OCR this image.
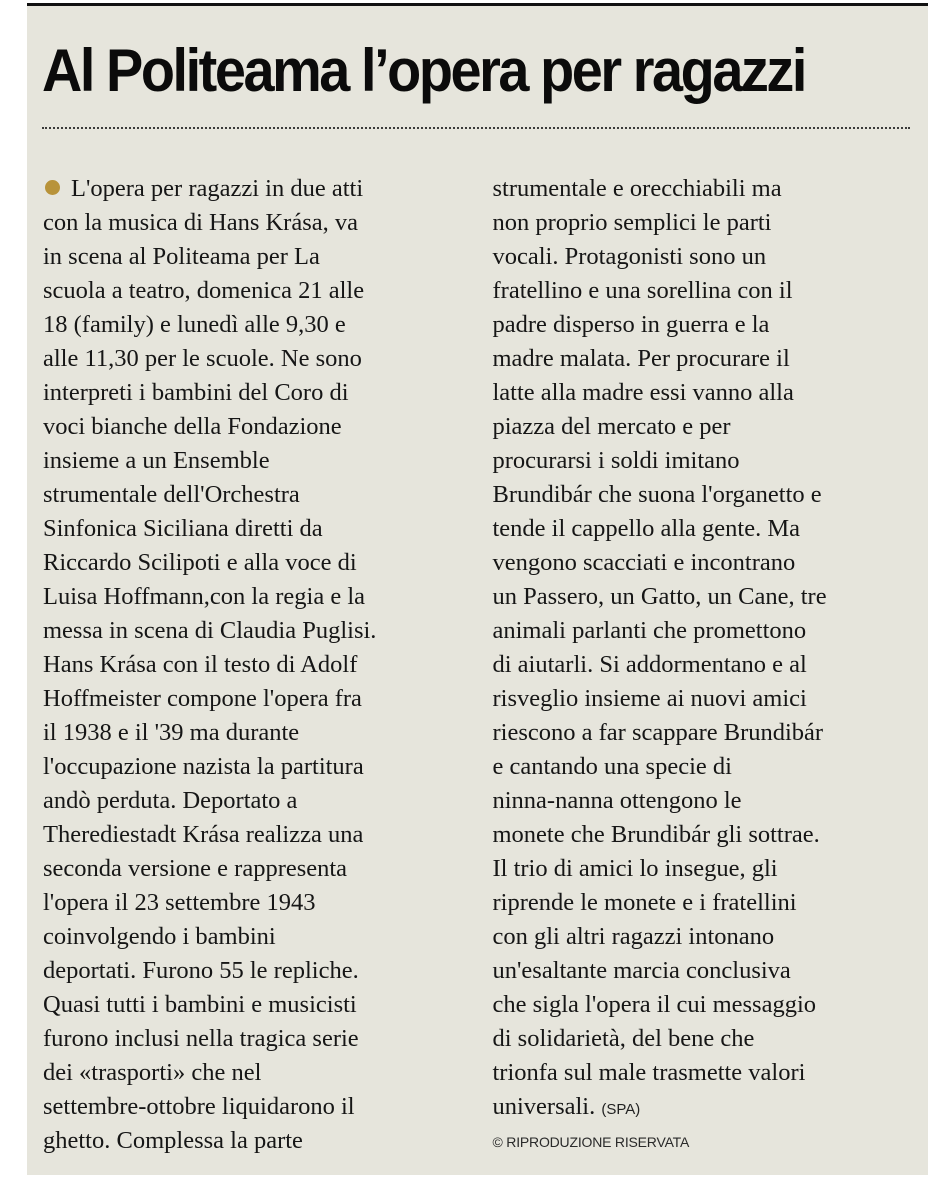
Al Politeama l’opera per ragazzi
L'opera per ragazzi in due atti
con la musica di Hans Krása, va
in scena al Politeama per La
scuola a teatro, domenica 21 alle
18 (family) e lunedì alle 9,30 e
alle 11,30 per le scuole. Ne sono
interpreti i bambini del Coro di
voci bianche della Fondazione
insieme a un Ensemble
strumentale dell'Orchestra
Sinfonica Siciliana diretti da
Riccardo Scilipoti e alla voce di
Luisa Hoffmann,con la regia e la
messa in scena di Claudia Puglisi.
Hans Krása con il testo di Adolf
Hoffmeister compone l'opera fra
il 1938 e il '39 ma durante
l'occupazione nazista la partitura
andò perduta. Deportato a
Therediestadt Krása realizza una
seconda versione e rappresenta
l'opera il 23 settembre 1943
coinvolgendo i bambini
deportati. Furono 55 le repliche.
Quasi tutti i bambini e musicisti
furono inclusi nella tragica serie
dei «trasporti» che nel
settembre-ottobre liquidarono il
ghetto. Complessa la parte
strumentale e orecchiabili ma
non proprio semplici le parti
vocali. Protagonisti sono un
fratellino e una sorellina con il
padre disperso in guerra e la
madre malata. Per procurare il
latte alla madre essi vanno alla
piazza del mercato e per
procurarsi i soldi imitano
Brundibár che suona l'organetto e
tende il cappello alla gente. Ma
vengono scacciati e incontrano
un Passero, un Gatto, un Cane, tre
animali parlanti che promettono
di aiutarli. Si addormentano e al
risveglio insieme ai nuovi amici
riescono a far scappare Brundibár
e cantando una specie di
ninna-nanna ottengono le
monete che Brundibár gli sottrae.
Il trio di amici lo insegue, gli
riprende le monete e i fratellini
con gli altri ragazzi intonano
un'esaltante marcia conclusiva
che sigla l'opera il cui messaggio
di solidarietà, del bene che
trionfa sul male trasmette valori
universali. (SPA)
© RIPRODUZIONE RISERVATA
